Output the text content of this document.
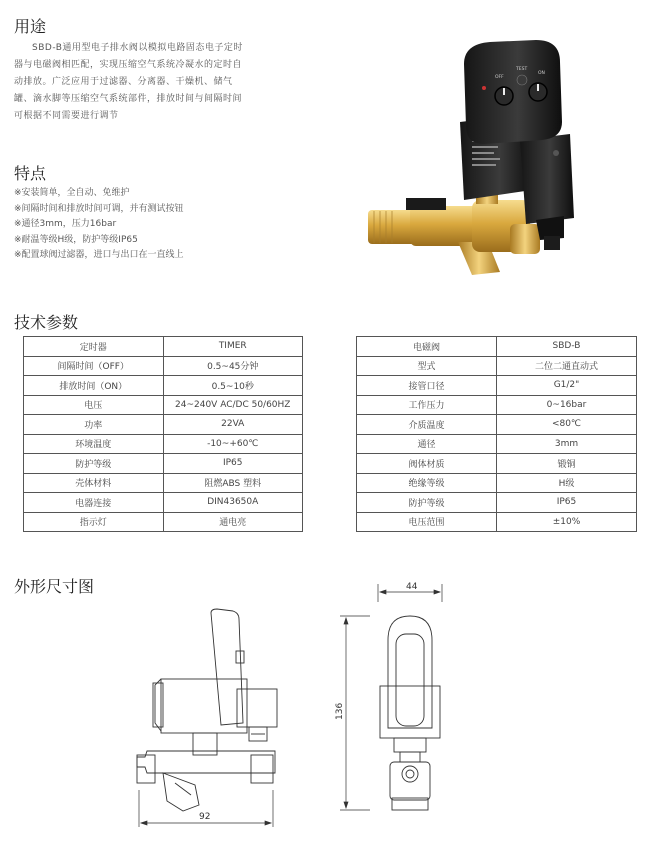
用途
SBD-B通用型电子排水阀以模拟电路固态电子定时
器与电磁阀相匹配，实现压缩空气系统冷凝水的定时自
动排放。广泛应用于过滤器、分离器、干燥机、储气
罐、滴水脚等压缩空气系统部件，排放时间与间隔时间
可根据不同需要进行调节
特点
※安装简单，全自动、免维护
※间隔时间和排放时间可调，并有测试按钮
※通径3mm，压力16bar
※耐温等级H级，防护等级IP65
※配置球阀过滤器，进口与出口在一直线上
OFF
TEST
ON
技术参数
定时器	TIMER
间隔时间（OFF）	0.5~45分钟
排放时间（ON）	0.5~10秒
电压	24~240V AC/DC 50/60HZ
功率	22VA
环境温度	-10~+60℃
防护等级	IP65
壳体材料	阻燃ABS 塑料
电器连接	DIN43650A
指示灯	通电亮
电磁阀	SBD-B
型式	二位二通直动式
接管口径	G1/2"
工作压力	0~16bar
介质温度	<80℃
通径	3mm
阀体材质	锻铜
绝缘等级	H级
防护等级	IP65
电压范围	±10%
外形尺寸图
92
44
136
